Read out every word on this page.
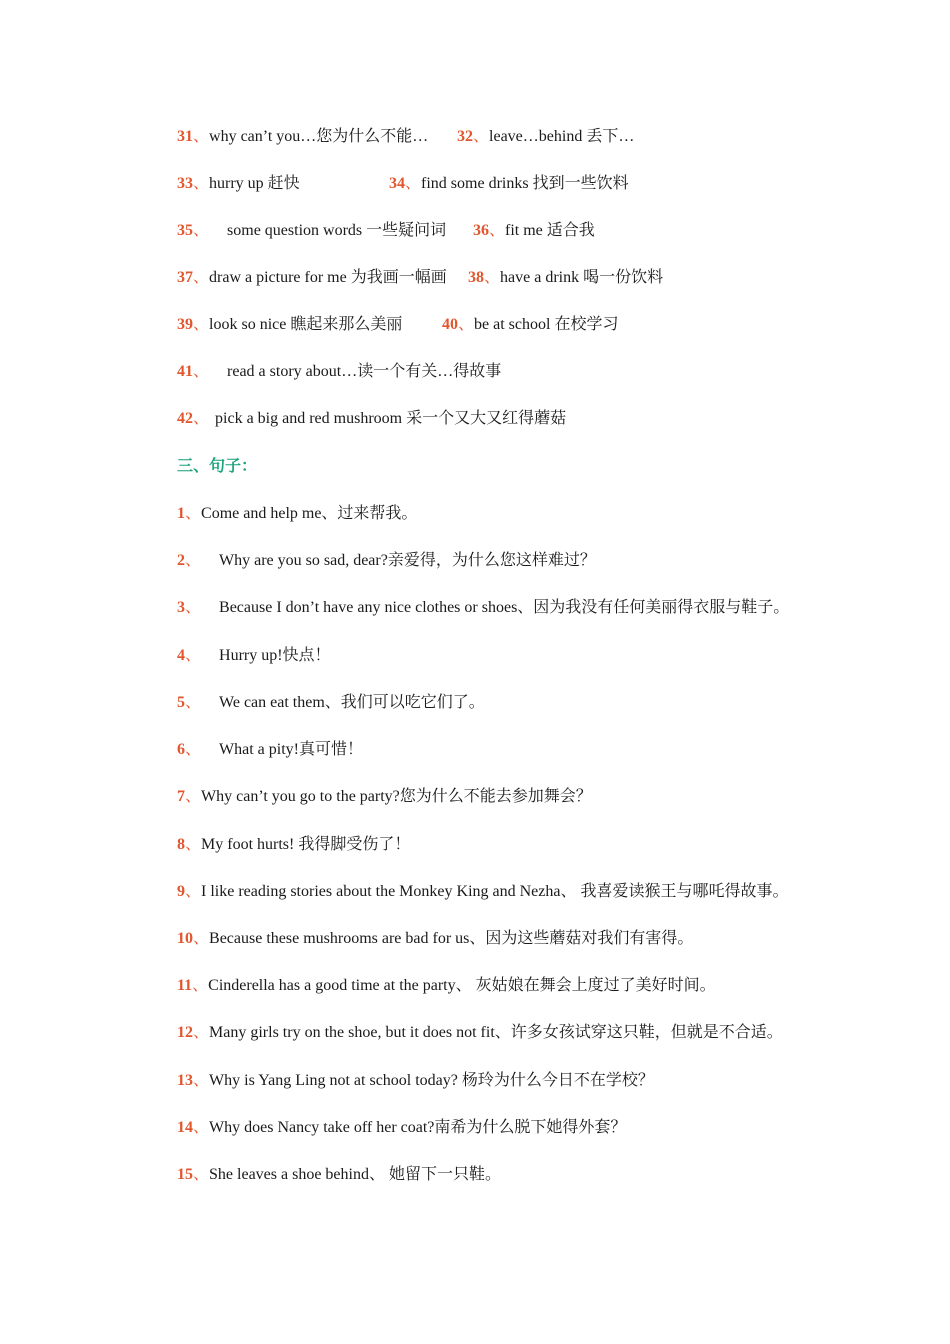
31、why can’t you…您为什么不能… 32、leave…behind 丢下…
33、hurry up 赶快	34、find some drinks 找到一些饮料
35、 some question words 一些疑问词 36、fit me 适合我
37、draw a picture for me 为我画一幅画 38、have a drink 喝一份饮料
39、look so nice 瞧起来那么美丽 40、be at school 在校学习
41、 read a story about…读一个有关…得故事
42、 pick a big and red mushroom 采一个又大又红得蘑菇
三、句子：
1、Come and help me、过来帮我。
2、 Why are you so sad, dear?亲爱得，为什么您这样难过？
3、 Because I don’t have any nice clothes or shoes、因为我没有任何美丽得衣服与鞋子。
4、 Hurry up!快点！
5、 We can eat them、我们可以吃它们了。
6、 What a pity!真可惜！
7、Why can’t you go to the party?您为什么不能去参加舞会？
8、My foot hurts! 我得脚受伤了！
9、I like reading stories about the Monkey King and Nezha、 我喜爱读猴王与哪吒得故事。
10、Because these mushrooms are bad for us、因为这些蘑菇对我们有害得。
11、Cinderella has a good time at the party、 灰姑娘在舞会上度过了美好时间。
12、Many girls try on the shoe, but it does not fit、许多女孩试穿这只鞋，但就是不合适。
13、Why is Yang Ling not at school today? 杨玲为什么今日不在学校？
14、Why does Nancy take off her coat?南希为什么脱下她得外套？
15、She leaves a shoe behind、 她留下一只鞋。
